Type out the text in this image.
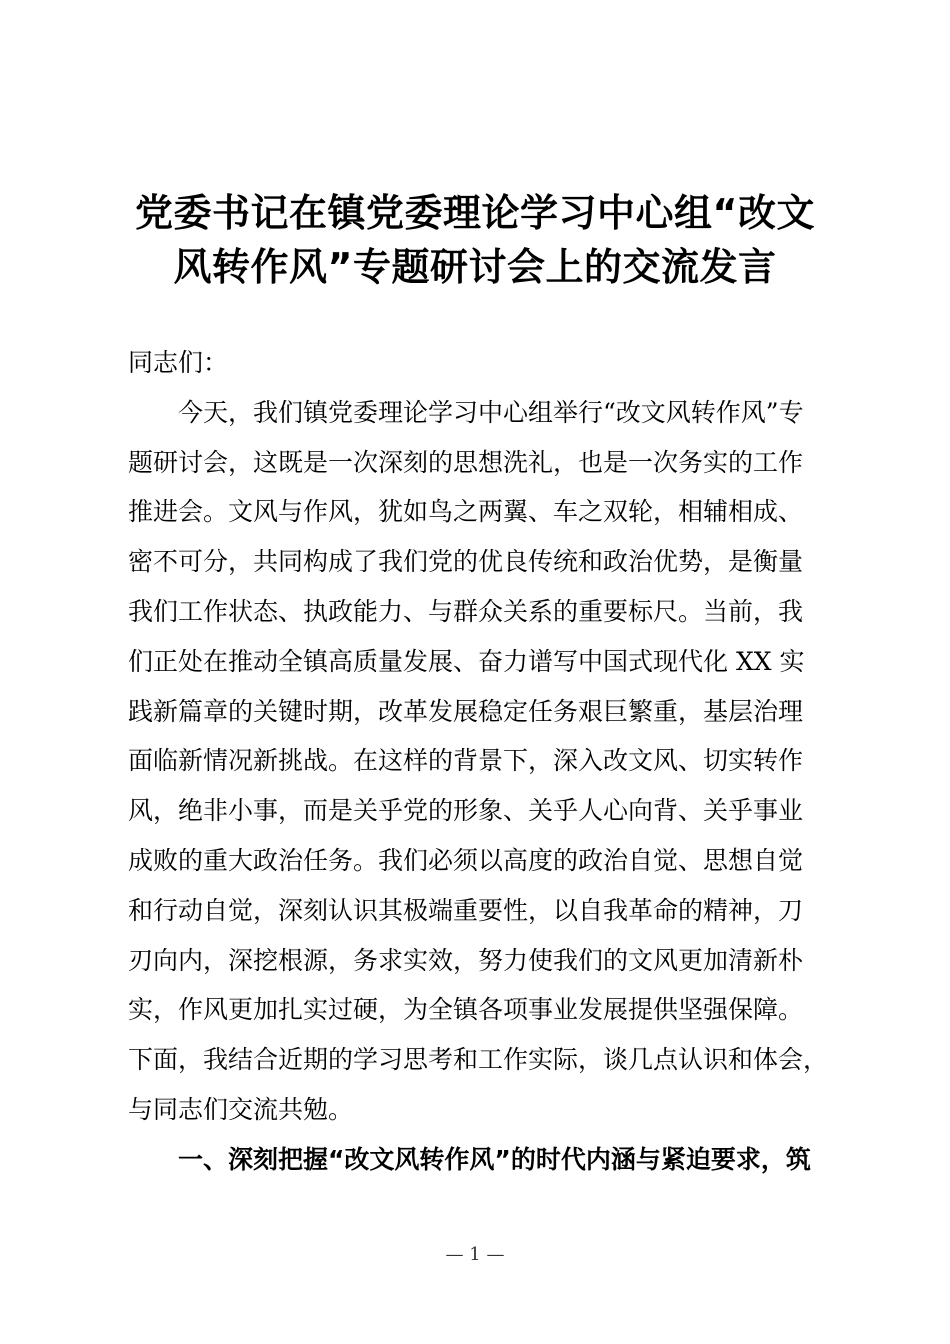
党委书记在镇党委理论学习中心组“改文
风转作风”专题研讨会上的交流发言

同志们：

今天，我们镇党委理论学习中心组举行“改文风转作风”专
题研讨会，这既是一次深刻的思想洗礼，也是一次务实的工作
推进会。文风与作风，犹如鸟之两翼、车之双轮，相辅相成、
密不可分，共同构成了我们党的优良传统和政治优势，是衡量
我们工作状态、执政能力、与群众关系的重要标尺。当前，我
们正处在推动全镇高质量发展、奋力谱写中国式现代化 XX 实
践新篇章的关键时期，改革发展稳定任务艰巨繁重，基层治理
面临新情况新挑战。在这样的背景下，深入改文风、切实转作
风，绝非小事，而是关乎党的形象、关乎人心向背、关乎事业
成败的重大政治任务。我们必须以高度的政治自觉、思想自觉
和行动自觉，深刻认识其极端重要性，以自我革命的精神，刀
刃向内，深挖根源，务求实效，努力使我们的文风更加清新朴
实，作风更加扎实过硬，为全镇各项事业发展提供坚强保障。
下面，我结合近期的学习思考和工作实际，谈几点认识和体会，
与同志们交流共勉。

一、深刻把握“改文风转作风”的时代内涵与紧迫要求，筑

— 1 —
